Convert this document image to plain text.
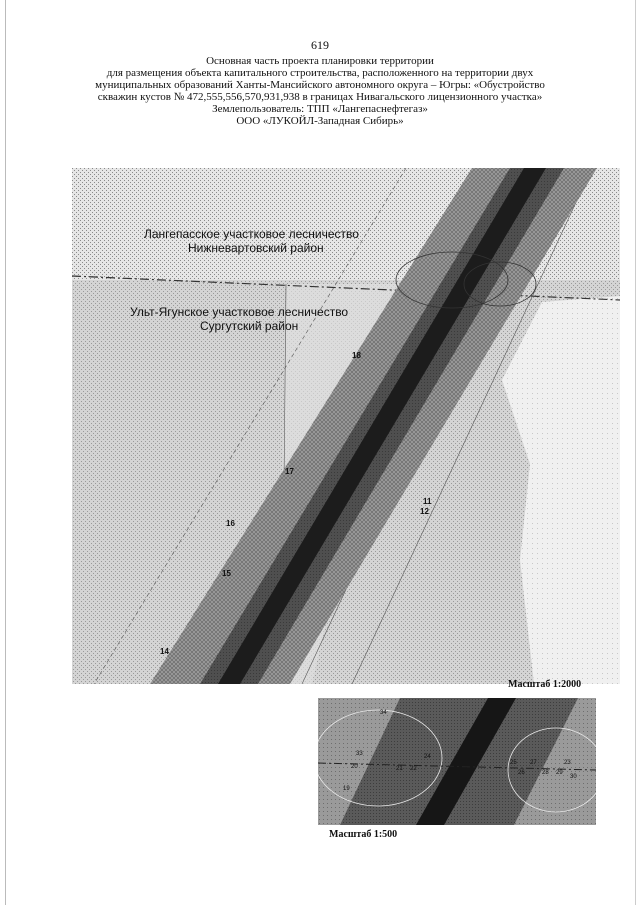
619
Основная часть проекта планировки территории
для размещения объекта капитального строительства, расположенного на территории двух
муниципальных образований Ханты-Мансийского автономного округа – Югры: «Обустройство
скважин кустов № 472,555,556,570,931,938 в границах Нивагальского лицензионного участка»
Землепользователь: ТПП «Лангепаснефтегаз»
ООО «ЛУКОЙЛ-Западная Сибирь»
Лангепасское участковое лесничество
Нижневартовский район
Ульт-Ягунское участковое лесничество
Сургутский район
18
17
16
15
14
11
12
Масштаб 1:2000
34
33
20
19
21 22
24
25
26
27
28
23
29
30
Масштаб 1:500
